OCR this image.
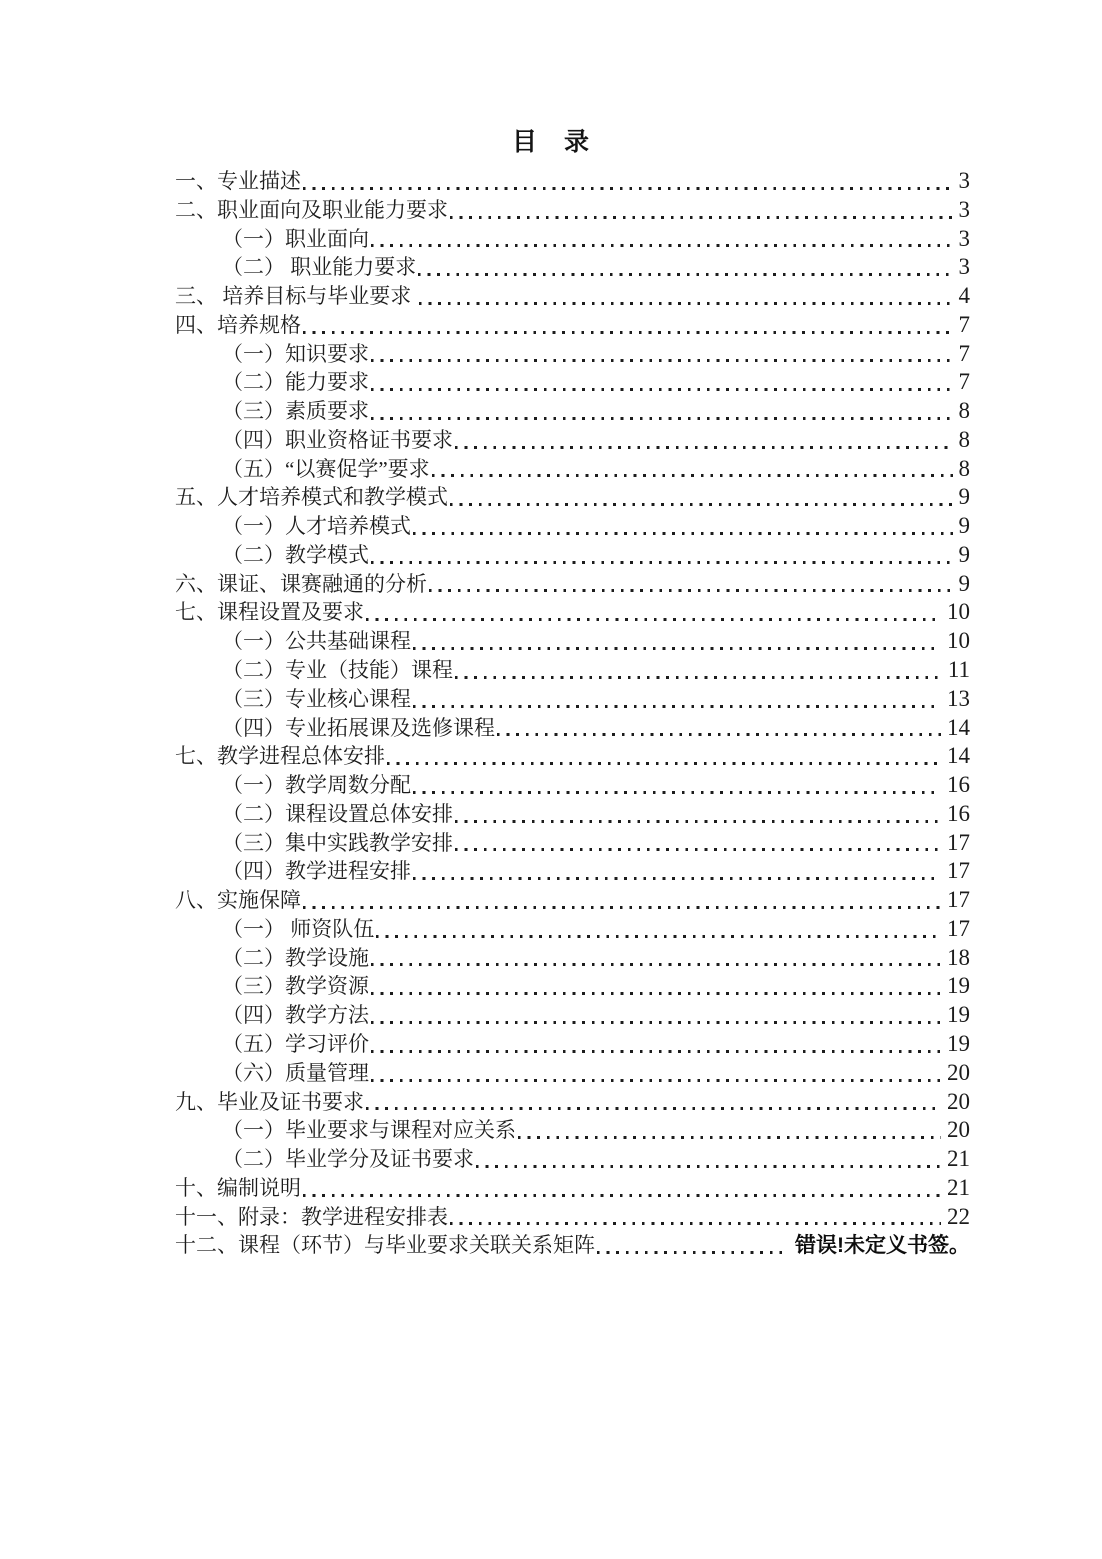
目　录
一、专业描述	3
二、职业面向及职业能力要求	3
（一）职业面向	3
（二） 职业能力要求	3
三、 培养目标与毕业要求	4
四、培养规格	7
（一）知识要求	7
（二）能力要求	7
（三）素质要求	8
（四）职业资格证书要求	8
（五）“以赛促学”要求	8
五、人才培养模式和教学模式	9
（一）人才培养模式	9
（二）教学模式	9
六、课证、课赛融通的分析	9
七、课程设置及要求	10
（一）公共基础课程	10
（二）专业（技能）课程	11
（三）专业核心课程	13
（四）专业拓展课及选修课程	14
七、教学进程总体安排	14
（一）教学周数分配	16
（二）课程设置总体安排	16
（三）集中实践教学安排	17
（四）教学进程安排	17
八、实施保障	17
（一） 师资队伍	17
（二）教学设施	18
（三）教学资源	19
（四）教学方法	19
（五）学习评价	19
（六）质量管理	20
九、毕业及证书要求	20
（一）毕业要求与课程对应关系	20
（二）毕业学分及证书要求	21
十、编制说明	21
十一、附录：教学进程安排表	22
十二、课程（环节）与毕业要求关联关系矩阵	错误!未定义书签。
